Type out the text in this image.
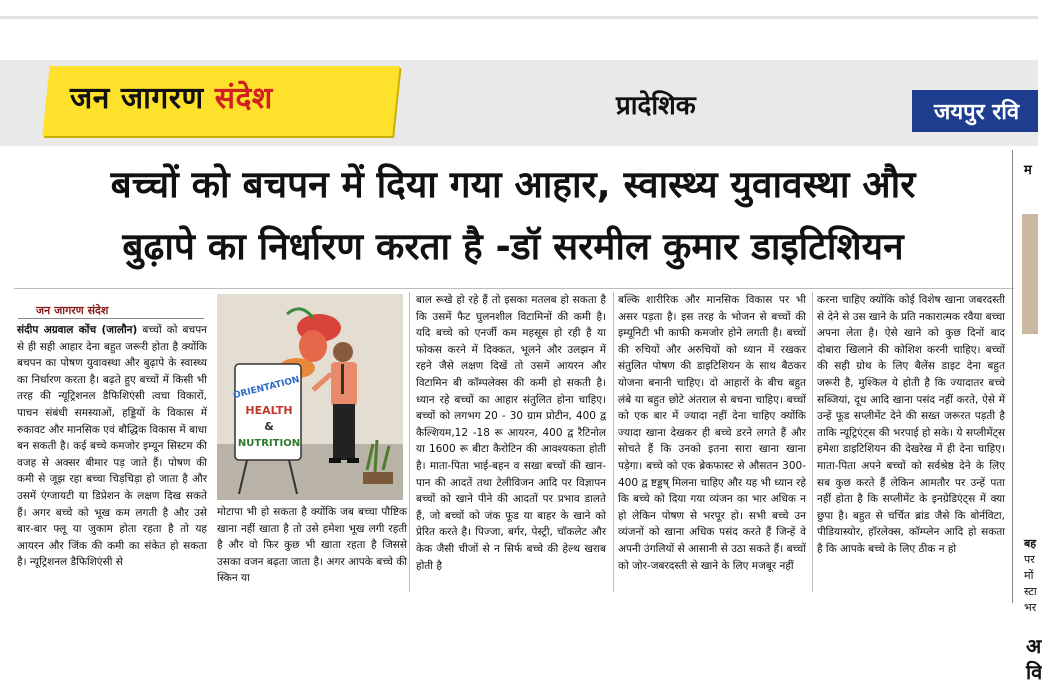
जन जागरण संदेश	प्रादेशिक	जयपुर रवि
बच्चों को बचपन में दिया गया आहार, स्वास्थ्य युवावस्था और
बुढ़ापे का निर्धारण करता है -डॉ सरमील कुमार डाइटिशियन
जन जागरण संदेश
संदीप अग्रवाल कोंच (जालौन) बच्चों को बचपन से ही सही आहार देना बहुत जरूरी होता है क्योंकि बचपन का पोषण युवावस्था और बुढ़ापे के स्वास्थ्य का निर्धारण करता है। बढ़ते हुए बच्चों में किसी भी तरह की न्यूट्रिशनल डैफिशिएंसी त्वचा विकारों, पाचन संबंधी समस्याओं, हड्डियों के विकास में रुकावट और मानसिक एवं बौद्धिक विकास में बाधा बन सकती है। कई बच्चे कमजोर इम्यून सिस्टम की वजह से अक्सर बीमार पड़ जाते हैं। पोषण की कमी से जूझ रहा बच्चा चिड़चिड़ा हो जाता है और उसमें एंग्जायटी या डिप्रेशन के लक्षण दिख सकते हैं। अगर बच्चे को भूख कम लगती है और उसे बार-बार फ्लू या जुकाम होता रहता है तो यह आयरन और जिंक की कमी का संकेत हो सकता है। न्यूट्रिशनल डैफिशिएंसी से
ORIENTATION
HEALTH
&
NUTRITION
मोटापा भी हो सकता है क्योंकि जब बच्चा पौष्टिक खाना नहीं खाता है तो उसे हमेशा भूख लगी रहती है और वो फिर कुछ भी खाता रहता है जिससे उसका वजन बढ़ता जाता है। अगर आपके बच्चे की स्किन या
बाल रूखे हो रहे हैं तो इसका मतलब हो सकता है कि उसमें फैट घुलनशील विटामिनों की कमी है। यदि बच्चे को एनर्जी कम महसूस हो रही है या फोकस करने में दिक्कत, भूलने और उलझन में रहने जैसे लक्षण दिखें तो उसमें आयरन और विटामिन बी कॉम्पलेक्स की कमी हो सकती है। ध्यान रहे बच्चों का आहार संतुलित होना चाहिए। बच्चों को लगभग 20 - 30 ग्राम प्रोटीन, 400 द्व कैल्शियम,12 -18 रू आयरन, 400 द्व रैटिनोल या 1600 रू बीटा कैरोटिन की आवश्यकता होती है। माता-पिता भाई-बहन व सखा बच्चों की खान-पान की आदतें तथा टेलीविजन आदि पर विज्ञापन बच्चों को खाने पीने की आदतों पर प्रभाव डालते हैं, जो बच्चों को जंक फूड या बाहर के खाने को प्रेरित करते है। पिज्जा, बर्गर, पेस्ट्री, चॉकलेट और केक जैसी चीजों से न सिर्फ बच्चे की हेल्थ खराब होती है
बल्कि शारीरिक और मानसिक विकास पर भी असर पड़ता है। इस तरह के भोजन से बच्चों की इम्यूनिटी भी काफी कमजोर होने लगती है। बच्चों की रुचियों और अरुचियों को ध्यान में रखकर संतुलित पोषण की डाइटिशियन के साथ बैठकर योजना बनानी चाहिए। दो आहारों के बीच बहुत लंबे या बहुत छोटे अंतराल से बचना चाहिए। बच्चों को एक बार में ज्यादा नहीं देना चाहिए क्योंकि ज्यादा खाना देखकर ही बच्चे डरने लगते हैं और सोचते हैं कि उनको इतना सारा खाना खाना पड़ेगा। बच्चे को एक ब्रेकफास्ट से औसतन 300- 400 द्व ष्टड्डष् मिलना चाहिए और यह भी ध्यान रहे कि बच्चे को दिया गया व्यंजन का भार अधिक न हो लेकिन पोषण से भरपूर हो। सभी बच्चे उन व्यंजनों को खाना अधिक पसंद करते हैं जिन्हें वे अपनी उंगलियों से आसानी से उठा सकते हैं। बच्चों को जोर-जबरदस्ती से खाने के लिए मजबूर नहीं
करना चाहिए क्योंकि कोई विशेष खाना जबरदस्ती से देने से उस खाने के प्रति नकारात्मक रवैया बच्चा अपना लेता है। ऐसे खाने को कुछ दिनों बाद दोबारा खिलाने की कोशिश करनी चाहिए। बच्चों की सही ग्रोथ के लिए बैलेंस डाइट देना बहुत जरूरी है, मुश्किल ये होती है कि ज्यादातर बच्चे सब्जियां, दूध आदि खाना पसंद नहीं करते, ऐसे में उन्हें फूड सप्लीमेंट देने की सख्त जरूरत पड़ती है ताकि न्यूट्रिएंट्स की भरपाई हो सके। ये सप्लीमेंट्स हमेशा डाइटिशियन की देखरेख में ही देना चाहिए। माता-पिता अपने बच्चों को सर्वश्रेष्ठ देने के लिए सब कुछ करते हैं लेकिन आमतौर पर उन्हें पता नहीं होता है कि सप्लीमेंट के इनग्रेडिएंट्स में क्या छुपा है। बहुत से चर्चित ब्रांड जैसे कि बोर्नविटा, पीडियास्योर, हॉरलेक्स, कॉम्प्लेन आदि हो सकता है कि आपके बच्चे के लिए ठीक न हो
म
बह
पर
मों
स्टा
भर
अ
वि
